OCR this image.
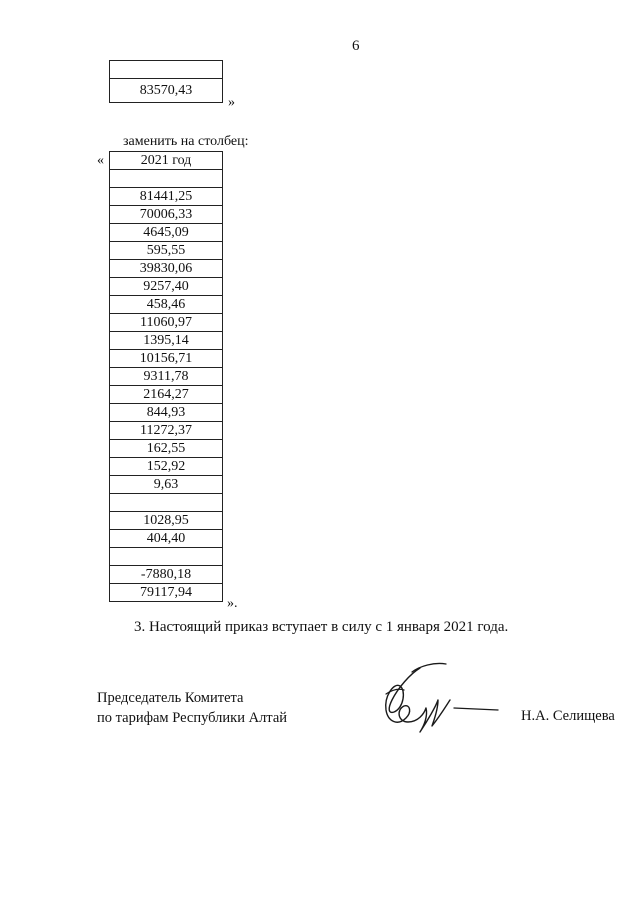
6

83570,43
»
заменить на столбец:
«	2021 год

81441,25
70006,33
4645,09
595,55
39830,06
9257,40
458,46
11060,97
1395,14
10156,71
9311,78
2164,27
844,93
11272,37
162,55
152,92
9,63

1028,95
404,40

-7880,18
79117,94
».
3. Настоящий приказ вступает в силу с 1 января 2021 года.
Председатель Комитета
по тарифам Республики Алтай	Н.А. Селищева
